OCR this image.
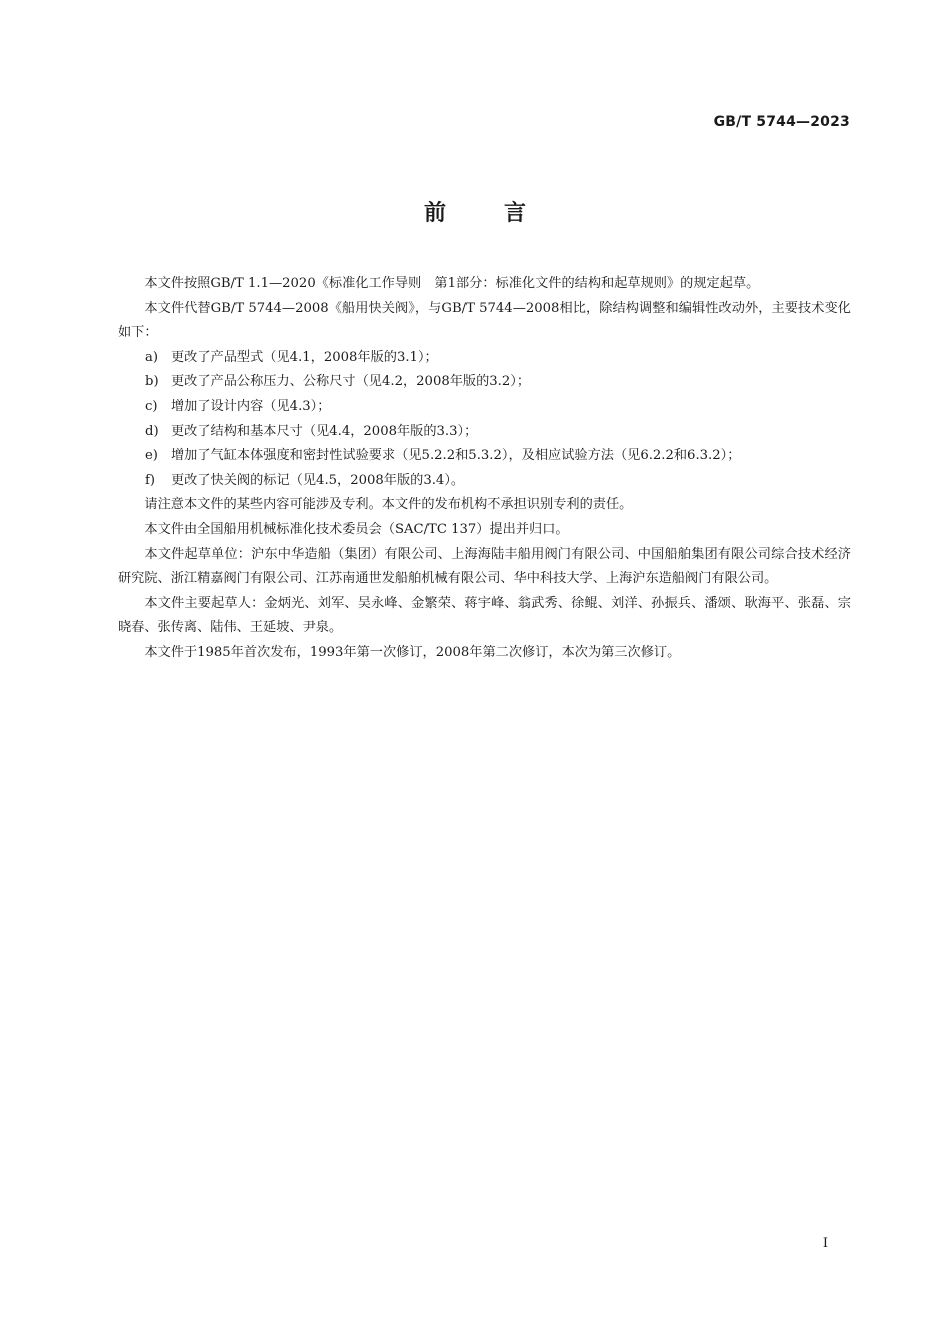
GB/T 5744—2023
前言

本文件按照GB/T 1.1—2020《标准化工作导则　第1部分：标准化文件的结构和起草规则》的规定起草。

本文件代替GB/T 5744—2008《船用快关阀》，与GB/T 5744—2008相比，除结构调整和编辑性改动外，主要技术变化如下：

a) 更改了产品型式（见4.1，2008年版的3.1）；
b) 更改了产品公称压力、公称尺寸（见4.2，2008年版的3.2）；
c)	增加了设计内容（见4.3）；
d) 更改了结构和基本尺寸（见4.4，2008年版的3.3）；
e) 增加了气缸本体强度和密封性试验要求（见5.2.2和5.3.2），及相应试验方法（见6.2.2和6.3.2）；
f)	更改了快关阀的标记（见4.5，2008年版的3.4）。

请注意本文件的某些内容可能涉及专利。本文件的发布机构不承担识别专利的责任。

本文件由全国船用机械标准化技术委员会（SAC/TC 137）提出并归口。

本文件起草单位：沪东中华造船（集团）有限公司、上海海陆丰船用阀门有限公司、中国船舶集团有限公司综合技术经济研究院、浙江精嘉阀门有限公司、江苏南通世发船舶机械有限公司、华中科技大学、上海沪东造船阀门有限公司。

本文件主要起草人：金炳光、刘军、吴永峰、金繁荣、蒋宇峰、翁武秀、徐鲲、刘洋、孙振兵、潘颂、耿海平、张磊、宗晓春、张传离、陆伟、王延坡、尹泉。

本文件于1985年首次发布，1993年第一次修订，2008年第二次修订，本次为第三次修订。

I
